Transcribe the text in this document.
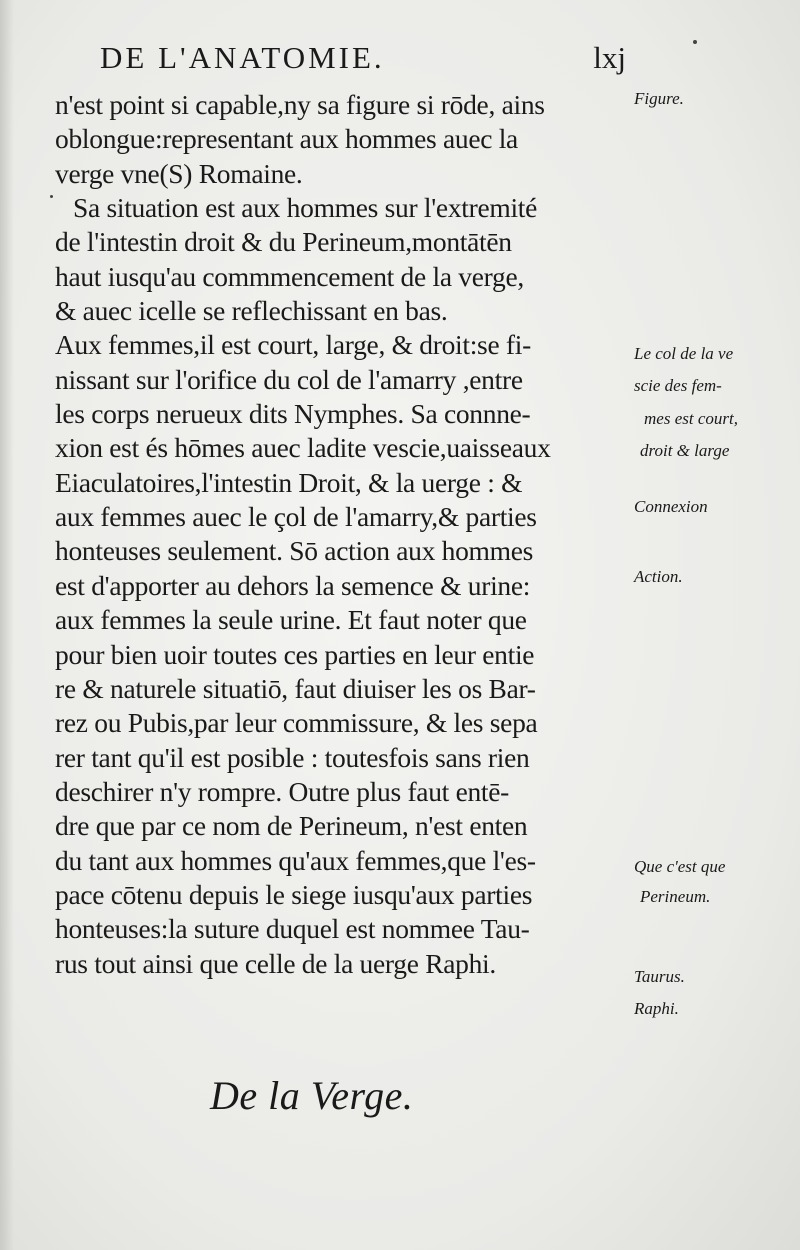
DE L'ANATOMIE.	lxj
n'est point si capable,ny sa figure si rōde, ains
oblongue:representant aux hommes auec la
verge vne(S) Romaine.
Sa situation est aux hommes sur l'extremité
de l'intestin droit & du Perineum,montātēn
haut iusqu'au commmencement de la verge,
& auec icelle se reflechissant en bas.
Aux femmes,il est court, large, & droit:se fi-
nissant sur l'orifice du col de l'amarry ,entre
les corps nerueux dits Nymphes. Sa connne-
xion est és hōmes auec ladite vescie,uaisseaux
Eiaculatoires,l'intestin Droit, & la uerge : &
aux femmes auec le çol de l'amarry,& parties
honteuses seulement. Sō action aux hommes
est d'apporter au dehors la semence & urine:
aux femmes la seule urine. Et faut noter que
pour bien uoir toutes ces parties en leur entie
re & naturele situatiō, faut diuiser les os Bar-
rez ou Pubis,par leur commissure, & les sepa
rer tant qu'il est posible : toutesfois sans rien
deschirer n'y rompre. Outre plus faut entē-
dre que par ce nom de Perineum, n'est enten
du tant aux hommes qu'aux femmes,que l'es-
pace cōtenu depuis le siege iusqu'aux parties
honteuses:la suture duquel est nommee Tau-
rus tout ainsi que celle de la uerge Raphi.
Figure.
Le col de la ve
scie des fem-
mes est court,
droit & large
Connexion
Action.
Que c'est que
Perineum.
Taurus.
Raphi.
De la Verge.
